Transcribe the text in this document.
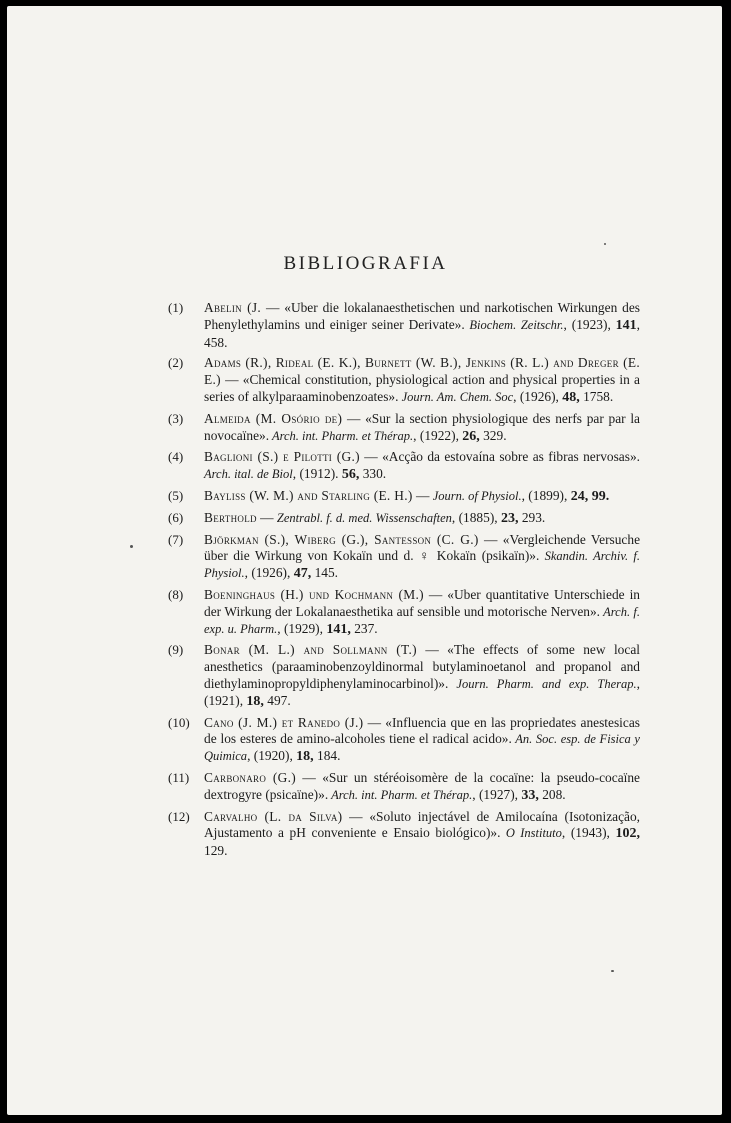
BIBLIOGRAFIA
(1)	Abelin (J. — «Uber die lokalanaesthetischen und narkotischen Wirkungen des Phenylethylamins und einiger seiner Derivate». Biochem. Zeitschr., (1923), 141, 458.
(2)	Adams (R.), Rideal (E. K.), Burnett (W. B.), Jenkins (R. L.) and Dreger (E. E.) — «Chemical constitution, physiological action and physical properties in a series of alkylparaaminobenzoates». Journ. Am. Chem. Soc, (1926), 48, 1758.
(3)	Almeida (M. Osório de) — «Sur la section physiologique des nerfs par par la novocaïne». Arch. int. Pharm. et Thérap., (1922), 26, 329.
(4)	Baglioni (S.) e Pilotti (G.) — «Acção da estovaína sobre as fibras nervosas». Arch. ital. de Biol, (1912). 56, 330.
(5)	Bayliss (W. M.) and Starling (E. H.) — Journ. of Physiol., (1899), 24, 99.
(6)	Berthold — Zentrabl. f. d. med. Wissenschaften, (1885), 23, 293.
(7)	Björkman (S.), Wiberg (G.), Santesson (C. G.) — «Vergleichende Versuche über die Wirkung von Kokaïn und d. ♀ Kokaïn (psikaïn)». Skandin. Archiv. f. Physiol., (1926), 47, 145.
(8)	Boeninghaus (H.) und Kochmann (M.) — «Uber quantitative Unterschiede in der Wirkung der Lokalanaesthetika auf sensible und motorische Nerven». Arch. f. exp. u. Pharm., (1929), 141, 237.
(9)	Bonar (M. L.) and Sollmann (T.) — «The effects of some new local anesthetics (paraaminobenzoyldinormal butylaminoetanol and propanol and diethylaminopropyldiphenylaminocarbinol)». Journ. Pharm. and exp. Therap., (1921), 18, 497.
(10)	Cano (J. M.) et Ranedo (J.) — «Influencia que en las propriedates anestesicas de los esteres de amino-alcoholes tiene el radical acido». An. Soc. esp. de Fisica y Quimica, (1920), 18, 184.
(11)	Carbonaro (G.) — «Sur un stéréoisomère de la cocaïne: la pseudo-cocaïne dextrogyre (psicaïne)». Arch. int. Pharm. et Thérap., (1927), 33, 208.
(12)	Carvalho (L. da Silva) — «Soluto injectável de Amilocaína (Isotonização, Ajustamento a pH conveniente e Ensaio biológico)». O Instituto, (1943), 102, 129.
